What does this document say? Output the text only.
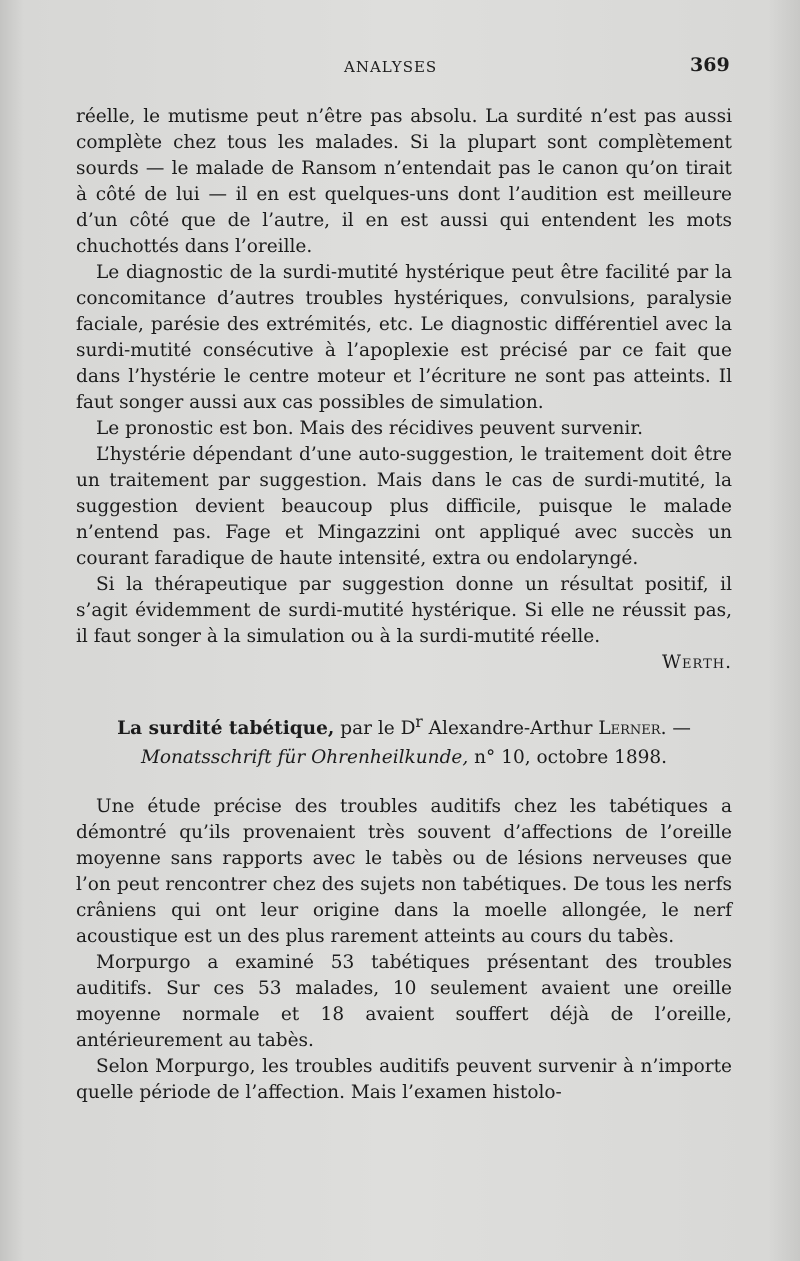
ANALYSES	369

réelle, le mutisme peut n’être pas absolu. La surdité n’est pas aussi complète chez tous les malades. Si la plupart sont complètement sourds — le malade de Ransom n’entendait pas le canon qu’on tirait à côté de lui — il en est quelques-uns dont l’audition est meilleure d’un côté que de l’autre, il en est aussi qui entendent les mots chuchottés dans l’oreille.

Le diagnostic de la surdi-mutité hystérique peut être facilité par la concomitance d’autres troubles hystériques, convulsions, paralysie faciale, parésie des extrémités, etc. Le diagnostic différentiel avec la surdi-mutité consécutive à l’apoplexie est précisé par ce fait que dans l’hystérie le centre moteur et l’écriture ne sont pas atteints. Il faut songer aussi aux cas possibles de simulation.

Le pronostic est bon. Mais des récidives peuvent survenir.

L’hystérie dépendant d’une auto-suggestion, le traitement doit être un traitement par suggestion. Mais dans le cas de surdi-mutité, la suggestion devient beaucoup plus difficile, puisque le malade n’entend pas. Fage et Mingazzini ont appliqué avec succès un courant faradique de haute intensité, extra ou endolaryngé.

Si la thérapeutique par suggestion donne un résultat positif, il s’agit évidemment de surdi-mutité hystérique. Si elle ne réussit pas, il faut songer à la simulation ou à la surdi-mutité réelle.

Werth.

La surdité tabétique, par le $D^r$ Alexandre-Arthur Lerner. —
Monatsschrift für Ohrenheilkunde, n° 10, octobre 1898.

Une étude précise des troubles auditifs chez les tabétiques a démontré qu’ils provenaient très souvent d’affections de l’oreille moyenne sans rapports avec le tabès ou de lésions nerveuses que l’on peut rencontrer chez des sujets non tabétiques. De tous les nerfs crâniens qui ont leur origine dans la moelle allongée, le nerf acoustique est un des plus rarement atteints au cours du tabès.

Morpurgo a examiné 53 tabétiques présentant des troubles auditifs. Sur ces 53 malades, 10 seulement avaient une oreille moyenne normale et 18 avaient souffert déjà de l’oreille, antérieurement au tabès.

Selon Morpurgo, les troubles auditifs peuvent survenir à n’importe quelle période de l’affection. Mais l’examen histolo-
